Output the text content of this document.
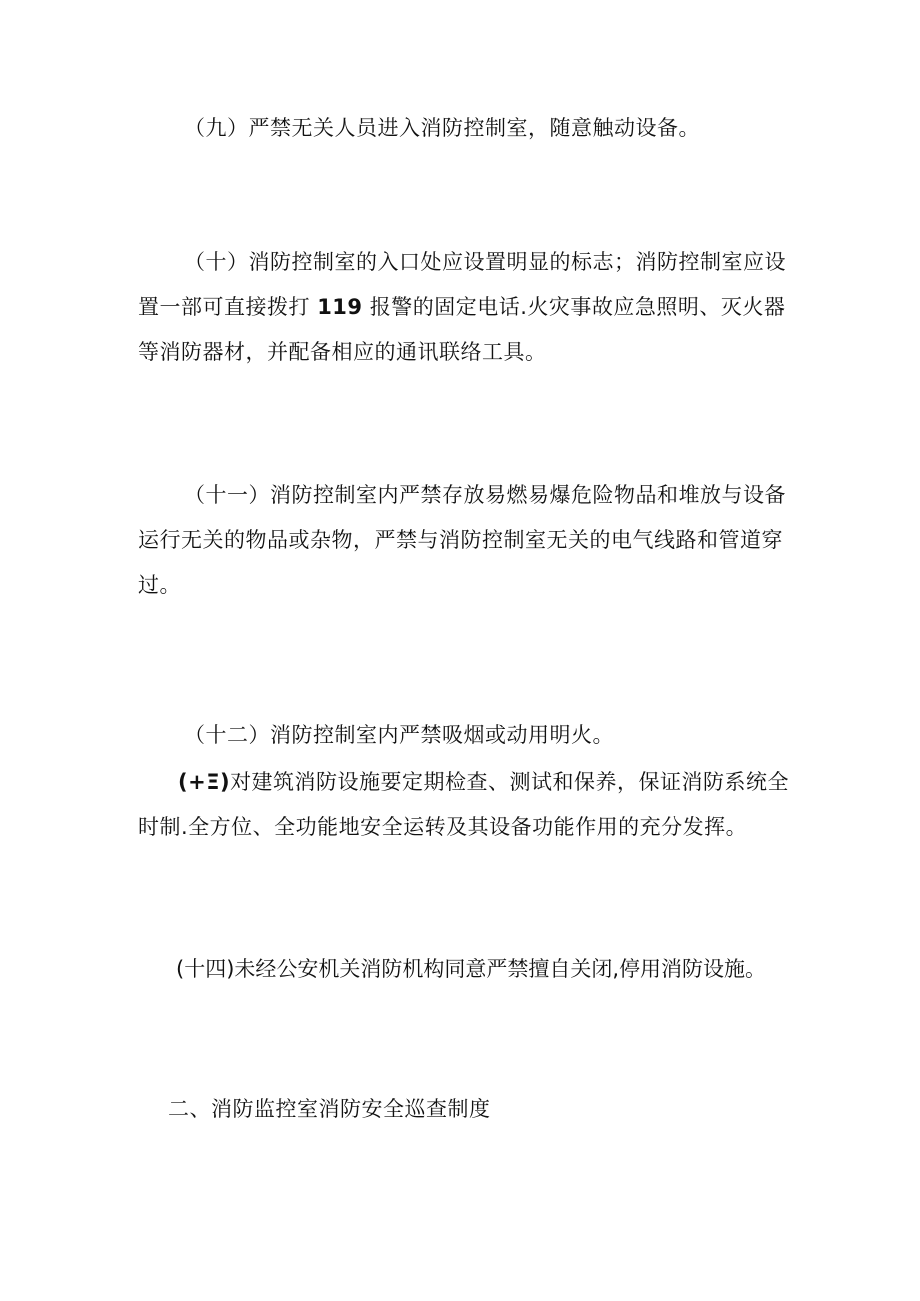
（九）严禁无关人员进入消防控制室，随意触动设备。
（十）消防控制室的入口处应设置明显的标志；消防控制室应设
置一部可直接拨打 119 报警的固定电话.火灾事故应急照明、灭火器
等消防器材，并配备相应的通讯联络工具。
（十一）消防控制室内严禁存放易燃易爆危险物品和堆放与设备
运行无关的物品或杂物，严禁与消防控制室无关的电气线路和管道穿
过。
（十二）消防控制室内严禁吸烟或动用明火。
(+Ξ)对建筑消防设施要定期检查、测试和保养，保证消防系统全
时制.全方位、全功能地安全运转及其设备功能作用的充分发挥。
(十四)未经公安机关消防机构同意严禁擅自关闭,停用消防设施。
二、消防监控室消防安全巡查制度
